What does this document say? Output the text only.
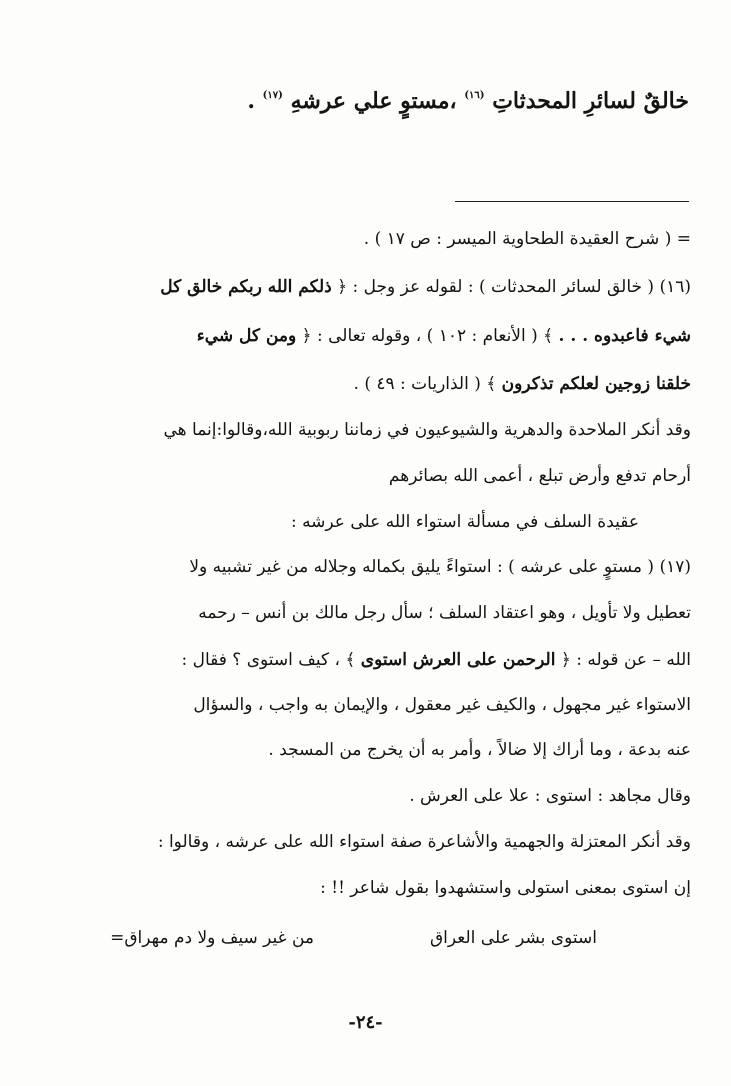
خالقٌ لسائرِ المحدثاتِ $^{(١٦)}$ ،مستوٍ علي عرشهِ $^{(١٧)}$ .
= ( شرح العقيدة الطحاوية الميسر : ص ١٧ ) .
(١٦) ( خالق لسائر المحدثات ) : لقوله عز وجل : ﴿ ذلكم الله ربكم خالق كل
شيء فاعبدوه . . . ﴾ ( الأنعام : ١٠٢ ) ، وقوله تعالى : ﴿ ومن كل شيء
خلقنا زوجين لعلكم تذكرون ﴾ ( الذاريات : ٤٩ ) .
وقد أنكر الملاحدة والدهرية والشيوعيون في زماننا ربوبية الله،وقالوا:إنما هي
أرحام تدفع وأرض تبلع ، أعمى الله بصائرهم
عقيدة السلف في مسألة استواء الله على عرشه :
(١٧) ( مستوٍ على عرشه ) : استواءً يليق بكماله وجلاله من غير تشبيه ولا
تعطيل ولا تأويل ، وهو اعتقاد السلف ؛ سأل رجل مالك بن أنس – رحمه
الله – عن قوله : ﴿ الرحمن على العرش استوى ﴾ ، كيف استوى ؟ فقال :
الاستواء غير مجهول ، والكيف غير معقول ، والإيمان به واجب ، والسؤال
عنه بدعة ، وما أراك إلا ضالاً ، وأمر به أن يخرج من المسجد .
وقال مجاهد : استوى : علا على العرش .
وقد أنكر المعتزلة والجهمية والأشاعرة صفة استواء الله على عرشه ، وقالوا :
إن استوى بمعنى استولى واستشهدوا بقول شاعر !! :
استوى بشر على العراق
من غير سيف ولا دم مهراق=
-٢٤-
